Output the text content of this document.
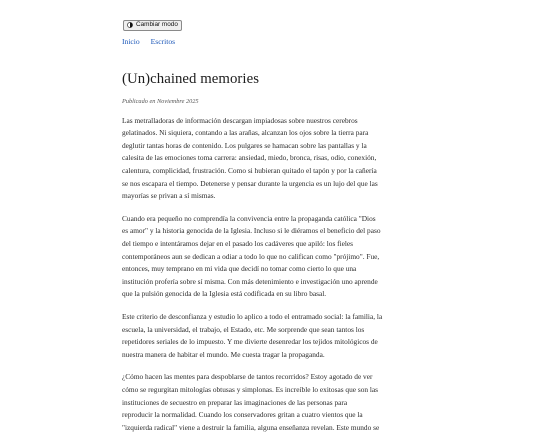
Cambiar modo
Inicio Escritos
(Un)chained memories
Publicado en Noviembre 2025

Las metralladoras de información descargan impiadosas sobre nuestros cerebros
gelatinados. Ni siquiera, contando a las arañas, alcanzan los ojos sobre la tierra para
deglutir tantas horas de contenido. Los pulgares se hamacan sobre las pantallas y la
calesita de las emociones toma carrera: ansiedad, miedo, bronca, risas, odio, conexión,
calentura, complicidad, frustración. Como si hubieran quitado el tapón y por la cañería
se nos escapara el tiempo. Detenerse y pensar durante la urgencia es un lujo del que las
mayorías se privan a sí mismas.

Cuando era pequeño no comprendía la convivencia entre la propaganda católica "Dios
es amor" y la historia genocida de la Iglesia. Incluso si le diéramos el beneficio del paso
del tiempo e intentáramos dejar en el pasado los cadáveres que apiló: los fieles
contemporáneos aun se dedican a odiar a todo lo que no califican como "prójimo". Fue,
entonces, muy temprano en mi vida que decidí no tomar como cierto lo que una
institución profería sobre sí misma. Con más detenimiento e investigación uno aprende
que la pulsión genocida de la Iglesia está codificada en su libro basal.

Este criterio de desconfianza y estudio lo aplico a todo el entramado social: la familia, la
escuela, la universidad, el trabajo, el Estado, etc. Me sorprende que sean tantos los
repetidores seriales de lo impuesto. Y me divierte desenredar los tejidos mitológicos de
nuestra manera de habitar el mundo. Me cuesta tragar la propaganda.

¿Cómo hacen las mentes para despoblarse de tantos recorridos? Estoy agotado de ver
cómo se regurgitan mitologías obtusas y simplonas. Es increíble lo exitosas que son las
instituciones de secuestro en preparar las imaginaciones de las personas para
reproducir la normalidad. Cuando los conservadores gritan a cuatro vientos que la
"izquierda radical" viene a destruir la familia, alguna enseñanza revelan. Este mundo se
